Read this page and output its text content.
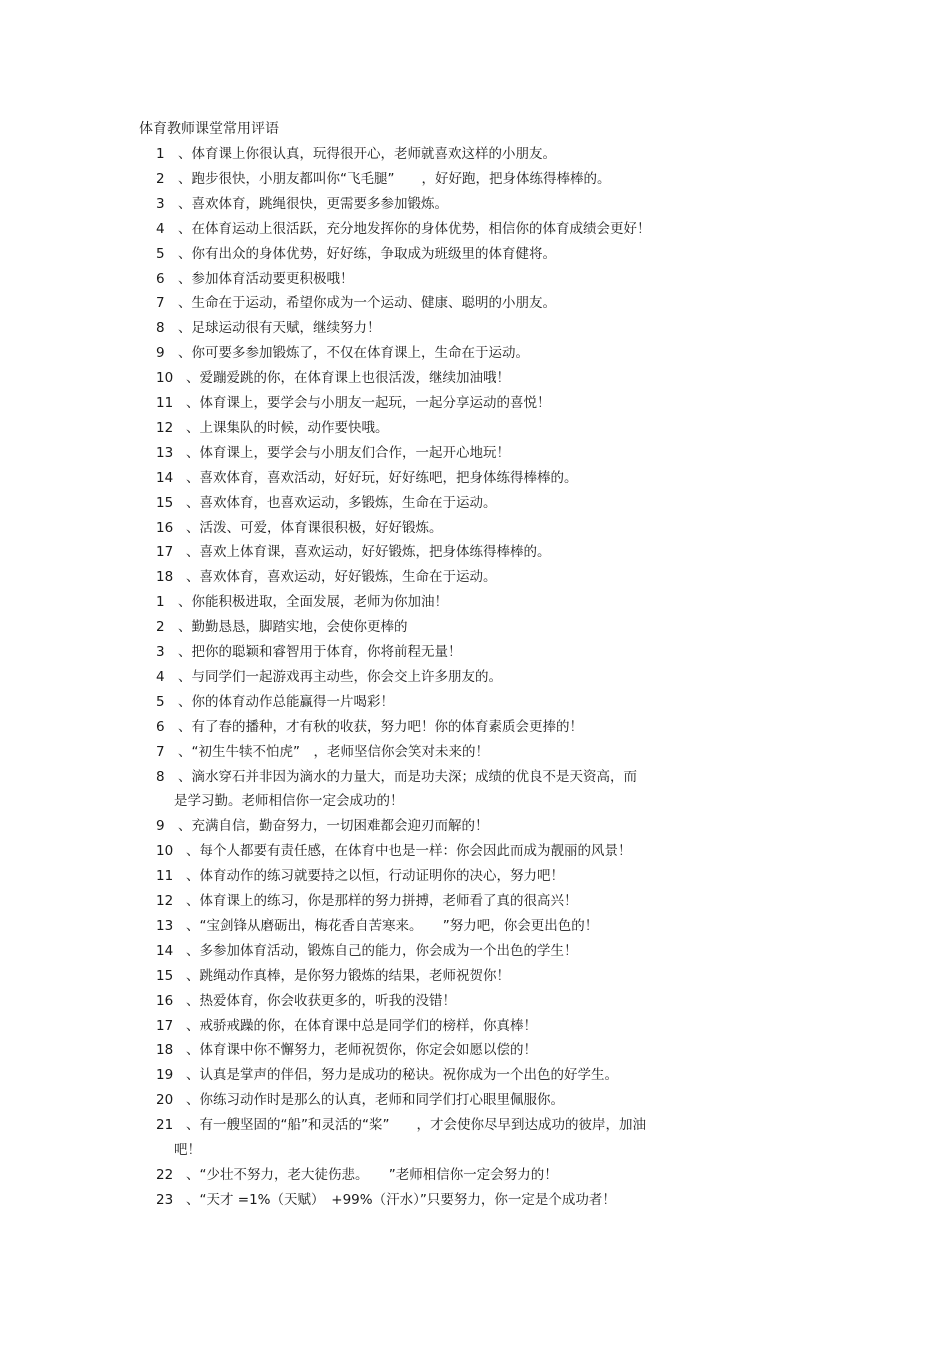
体育教师课堂常用评语
1 、体育课上你很认真，玩得很开心，老师就喜欢这样的小朋友。
2 、跑步很快，小朋友都叫你“飞毛腿”　　，好好跑，把身体练得棒棒的。
3 、喜欢体育，跳绳很快，更需要多参加锻炼。
4 、在体育运动上很活跃，充分地发挥你的身体优势，相信你的体育成绩会更好！
5 、你有出众的身体优势，好好练，争取成为班级里的体育健将。
6 、参加体育活动要更积极哦！
7 、生命在于运动，希望你成为一个运动、健康、聪明的小朋友。
8 、足球运动很有天赋，继续努力！
9 、你可要多参加锻炼了，不仅在体育课上，生命在于运动。
10 、爱蹦爱跳的你，在体育课上也很活泼，继续加油哦！
11 、体育课上，要学会与小朋友一起玩，一起分享运动的喜悦！
12 、上课集队的时候，动作要快哦。
13 、体育课上，要学会与小朋友们合作，一起开心地玩！
14 、喜欢体育，喜欢活动，好好玩，好好练吧，把身体练得棒棒的。
15 、喜欢体育，也喜欢运动，多锻炼，生命在于运动。
16 、活泼、可爱，体育课很积极，好好锻炼。
17 、喜欢上体育课，喜欢运动，好好锻炼，把身体练得棒棒的。
18 、喜欢体育，喜欢运动，好好锻炼，生命在于运动。
1 、你能积极进取，全面发展，老师为你加油！
2 、勤勤恳恳，脚踏实地，会使你更棒的
3 、把你的聪颖和睿智用于体育，你将前程无量！
4 、与同学们一起游戏再主动些，你会交上许多朋友的。
5 、你的体育动作总能赢得一片喝彩！
6 、有了春的播种，才有秋的收获，努力吧！你的体育素质会更捧的！
7 、“初生牛犊不怕虎”　，老师坚信你会笑对未来的！
8 、滴水穿石并非因为滴水的力量大，而是功夫深；成绩的优良不是天资高，而
是学习勤。老师相信你一定会成功的！
9 、充满自信，勤奋努力，一切困难都会迎刃而解的！
10 、每个人都要有责任感，在体育中也是一样：你会因此而成为靓丽的风景！
11 、体育动作的练习就要持之以恒，行动证明你的决心，努力吧！
12 、体育课上的练习，你是那样的努力拼搏，老师看了真的很高兴！
13 、“宝剑锋从磨砺出，梅花香自苦寒来。　　”努力吧，你会更出色的！
14 、多参加体育活动，锻炼自己的能力，你会成为一个出色的学生！
15 、跳绳动作真棒，是你努力锻炼的结果，老师祝贺你！
16 、热爱体育，你会收获更多的，听我的没错！
17 、戒骄戒躁的你，在体育课中总是同学们的榜样，你真棒！
18 、体育课中你不懈努力，老师祝贺你，你定会如愿以偿的！
19 、认真是掌声的伴侣，努力是成功的秘诀。祝你成为一个出色的好学生。
20 、你练习动作时是那么的认真，老师和同学们打心眼里佩服你。
21 、有一艘坚固的“船”和灵活的“桨”　　，才会使你尽早到达成功的彼岸，加油
吧！
22 、“少壮不努力，老大徒伤悲。　　”老师相信你一定会努力的！
23 、“天才 =1%（天赋）　+99%（汗水）”只要努力，你一定是个成功者！
